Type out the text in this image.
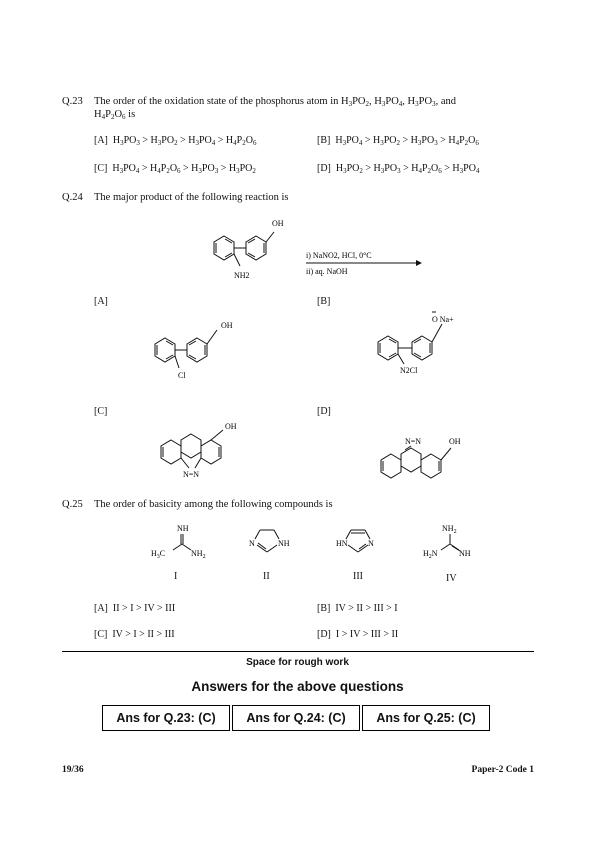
Q.23 The order of the oxidation state of the phosphorus atom in $H_3PO_2$, $H_3PO_4$, $H_3PO_3$, and
$H_4P_2O_6$ is
[A] $H_3PO_3 > H_3PO_2 > H_3PO_4 > H_4P_2O_6$	[B] $H_3PO_4 > H_3PO_2 > H_3PO_3 > H_4P_2O_6$
[C] $H_3PO_4 > H_4P_2O_6 > H_3PO_3 > H_3PO_2$	[D] $H_3PO_2 > H_3PO_3 > H_4P_2O_6 > H_3PO_4$
Q.24 The major product of the following reaction is
OH
NH2
i) NaNO2, HCl, 0°C
ii) aq. NaOH
[A]
OH
Cl
[B]
O Na+
N2Cl
[C]
OH
N=N
[D]
N=N	OH
Q.25 The order of basicity among the following compounds is
NH
$H_3C$	$NH_2$
I
N	NH
II
HN	N
III
$NH_2$
$H_2N$	NH
IV
[A] II > I > IV > III	[B] IV > II > III > I
[C] IV > I > II > III	[D] I > IV > III > II
Space for rough work
Answers for the above questions
Ans for Q.23: (C)	Ans for Q.24: (C)	Ans for Q.25: (C)
19/36	Paper-2 Code 1
